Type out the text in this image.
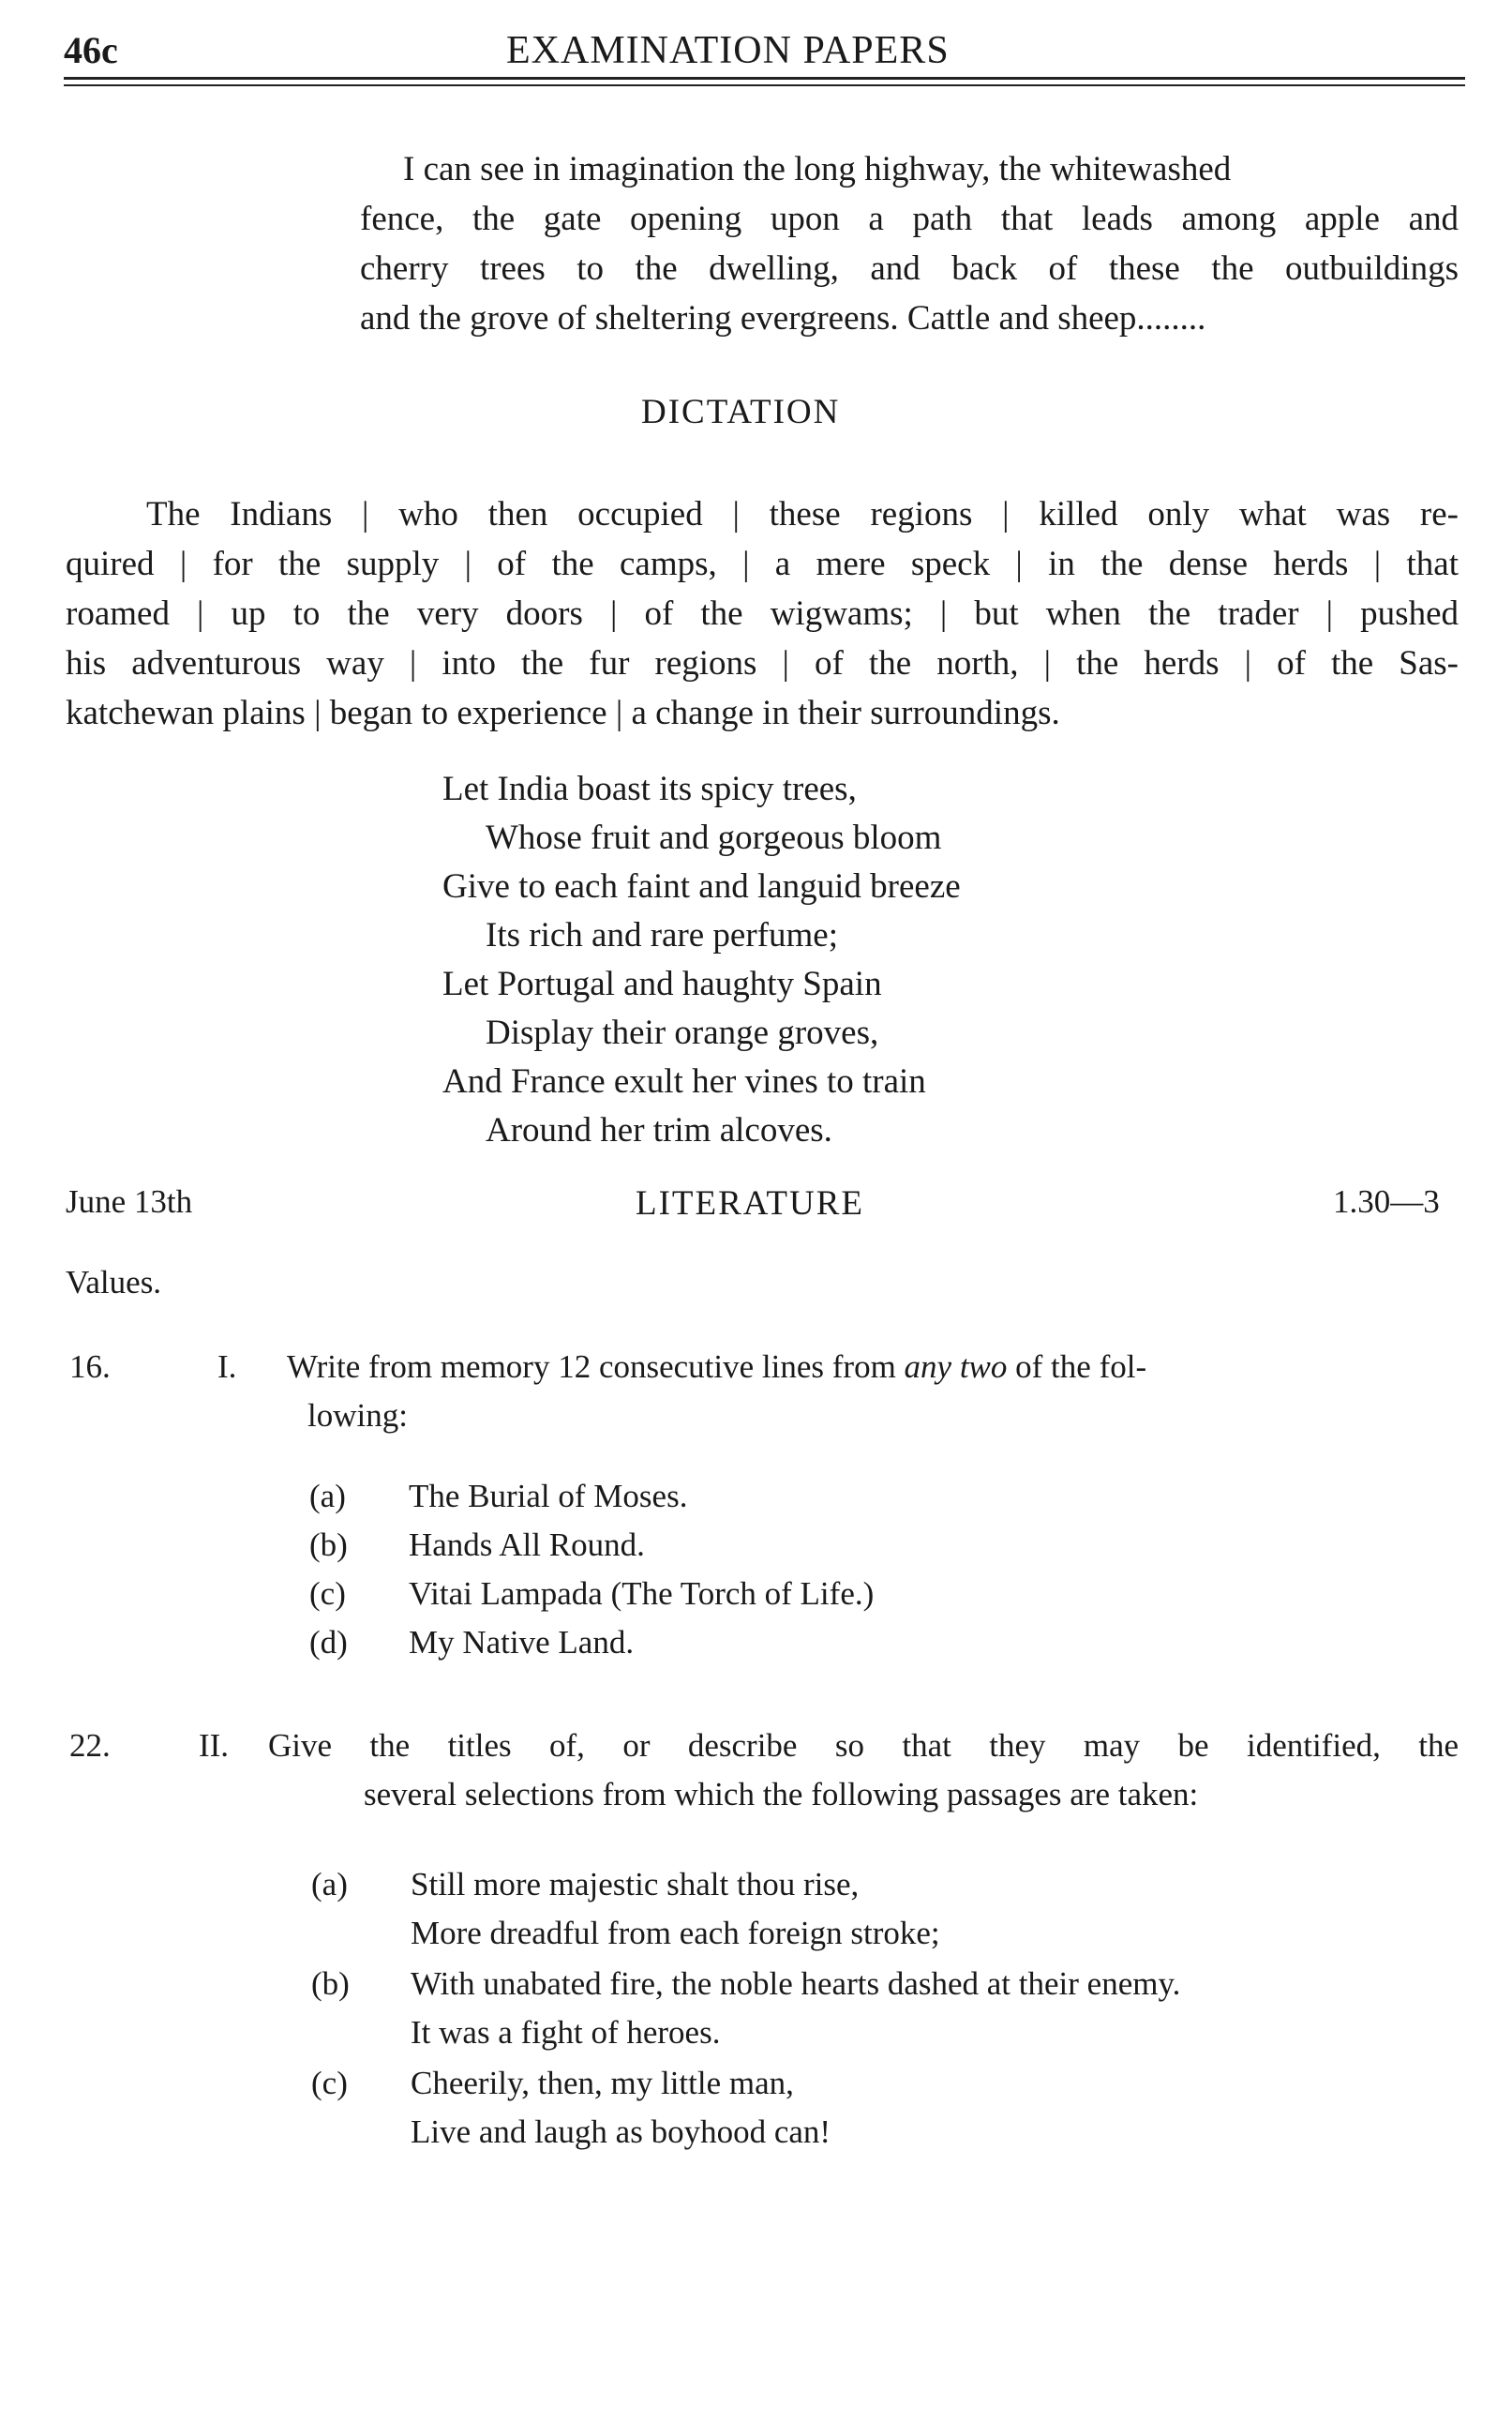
46c	EXAMINATION PAPERS
I can see in imagination the long highway, the whitewashed
fence, the gate opening upon a path that leads among apple and
cherry trees to the dwelling, and back of these the outbuildings
and the grove of sheltering evergreens. Cattle and sheep........
DICTATION
The Indians | who then occupied | these regions | killed only what was re-
quired | for the supply | of the camps, | a mere speck | in the dense herds | that
roamed | up to the very doors | of the wigwams; | but when the trader | pushed
his adventurous way | into the fur regions | of the north, | the herds | of the Sas-
katchewan plains | began to experience | a change in their surroundings.
Let India boast its spicy trees,
Whose fruit and gorgeous bloom
Give to each faint and languid breeze
Its rich and rare perfume;
Let Portugal and haughty Spain
Display their orange groves,
And France exult her vines to train
Around her trim alcoves.
June 13th	LITERATURE	1.30—3
Values.
16.	I. Write from memory 12 consecutive lines from any two of the fol-
lowing:
(a) The Burial of Moses.
(b) Hands All Round.
(c) Vitai Lampada (The Torch of Life.)
(d) My Native Land.
22.	II. Give the titles of, or describe so that they may be identified, the
several selections from which the following passages are taken:
(a) Still more majestic shalt thou rise,
More dreadful from each foreign stroke;
(b) With unabated fire, the noble hearts dashed at their enemy.
It was a fight of heroes.
(c) Cheerily, then, my little man,
Live and laugh as boyhood can!
